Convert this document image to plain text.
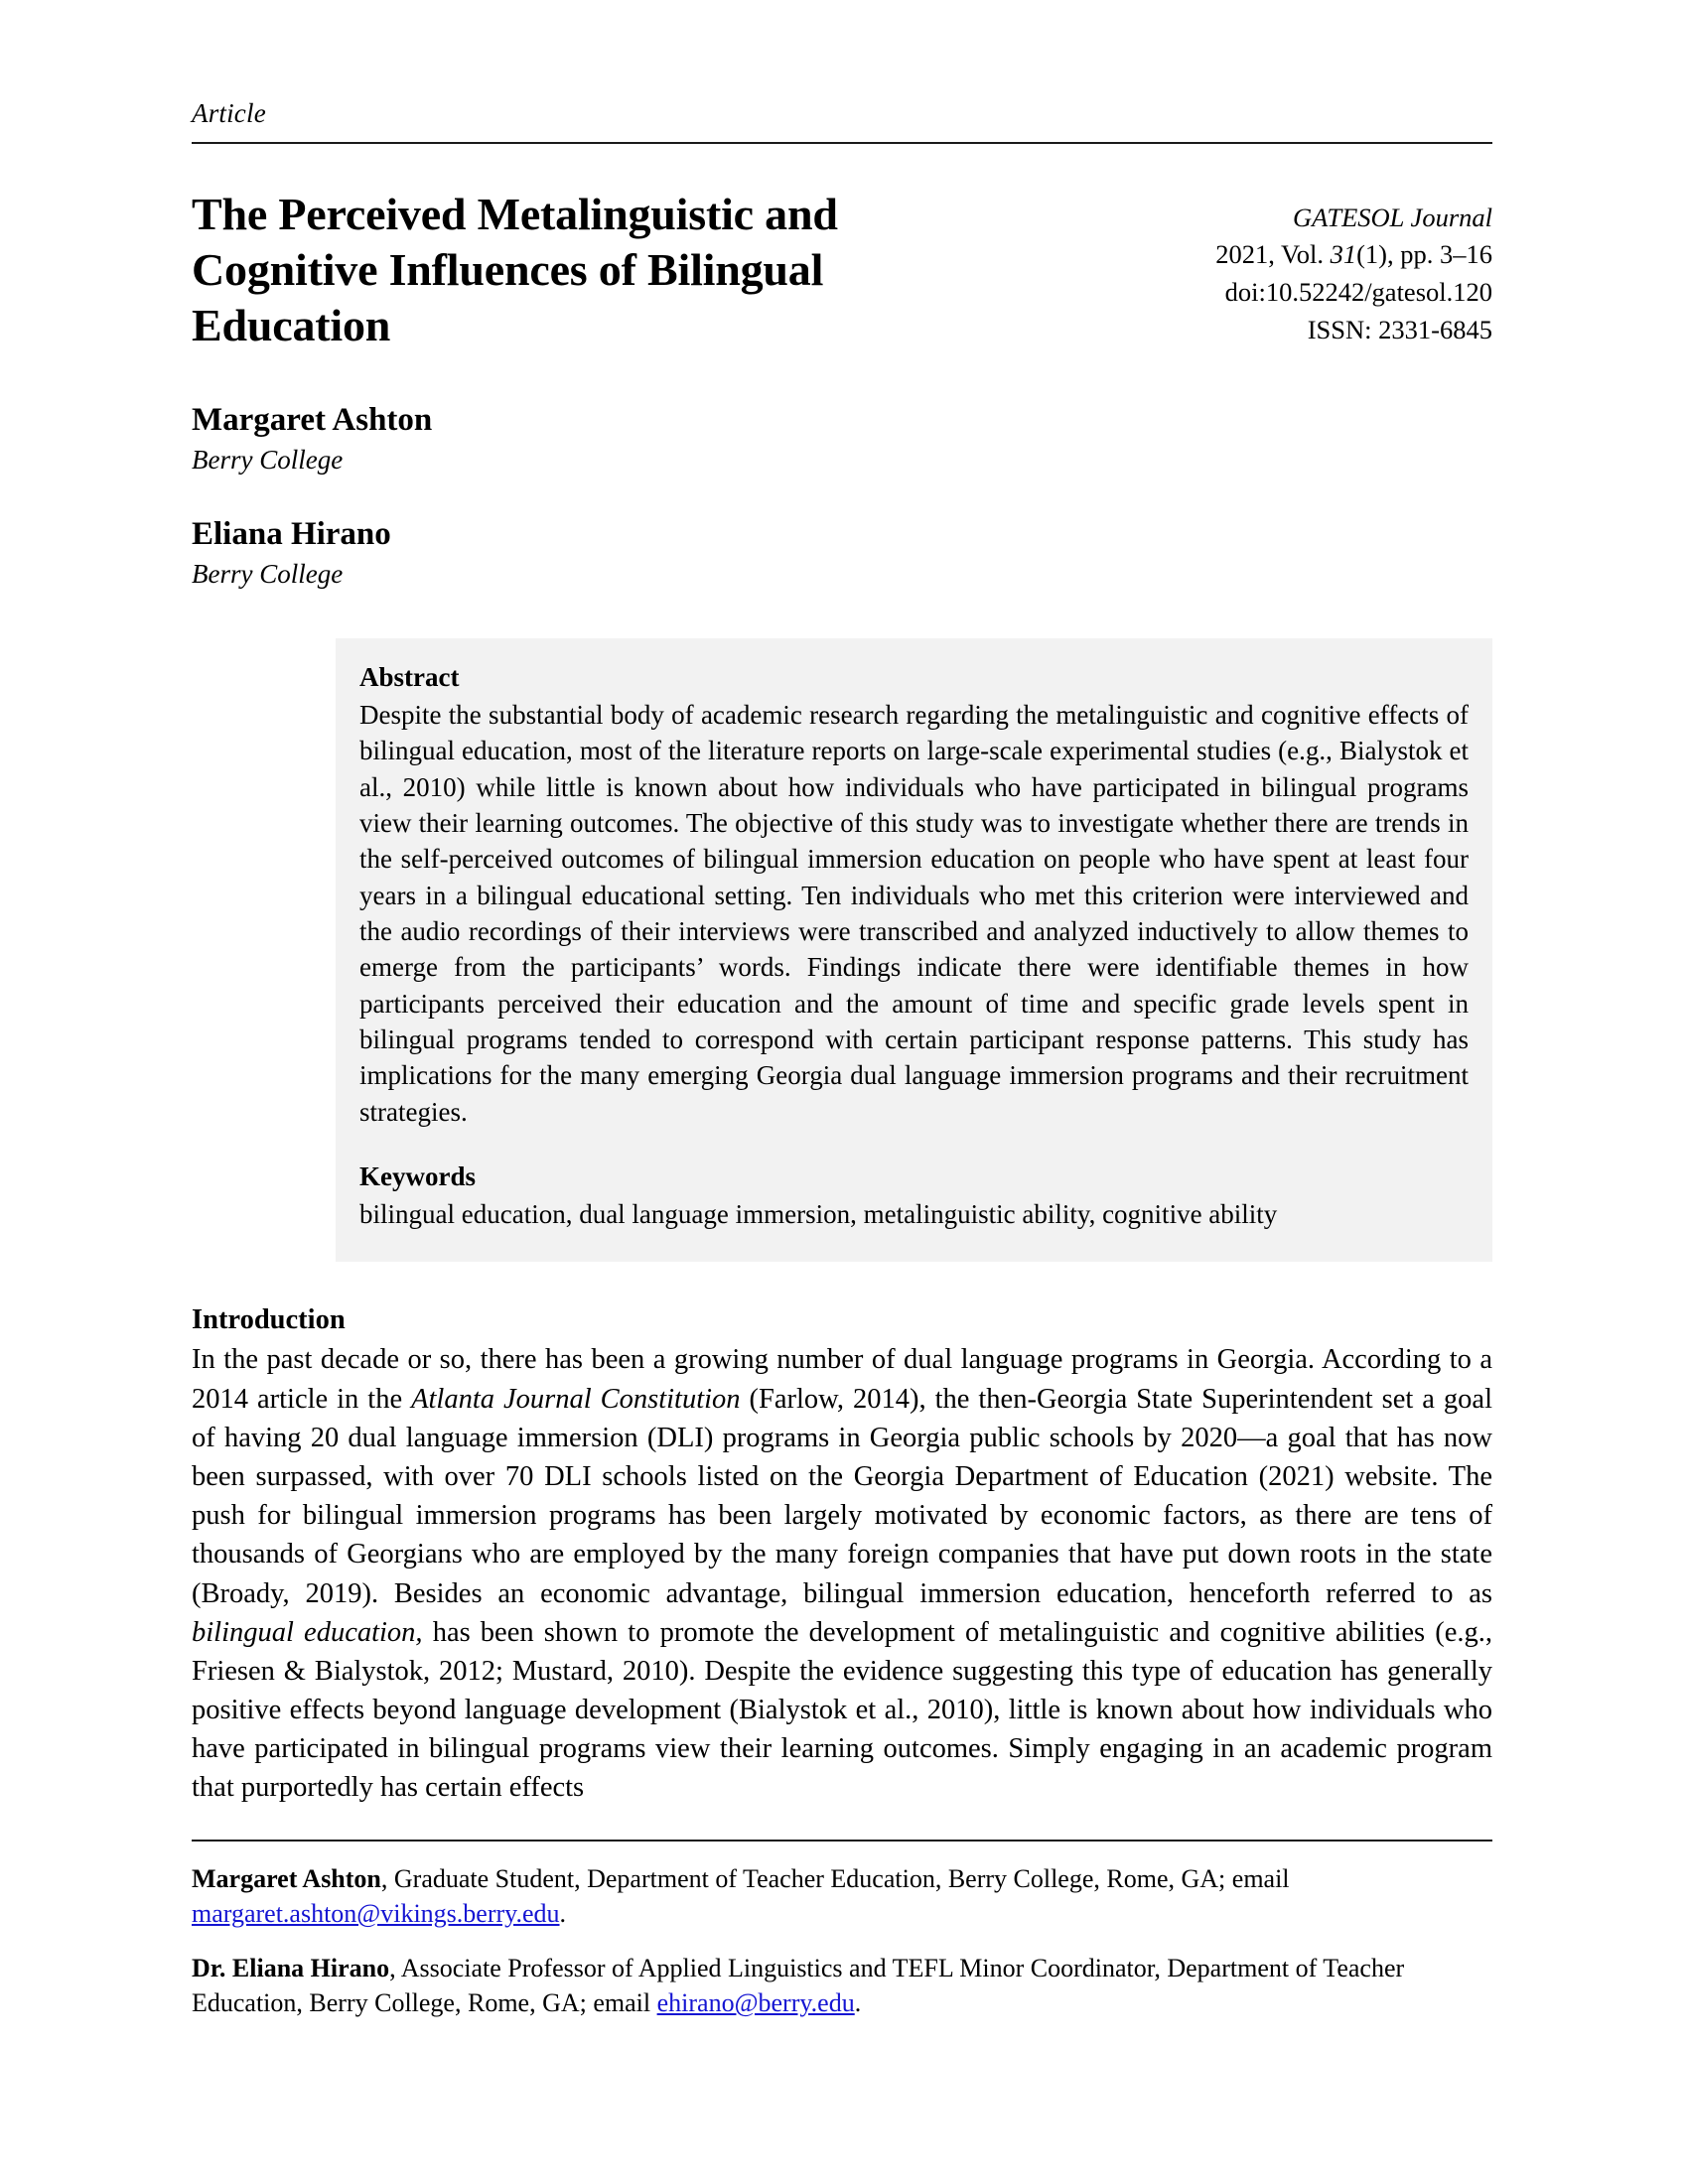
Article
The Perceived Metalinguistic and Cognitive Influences of Bilingual Education
GATESOL Journal
2021, Vol. 31(1), pp. 3–16
doi:10.52242/gatesol.120
ISSN: 2331-6845
Margaret Ashton
Berry College
Eliana Hirano
Berry College
Abstract
Despite the substantial body of academic research regarding the metalinguistic and cognitive effects of bilingual education, most of the literature reports on large-scale experimental studies (e.g., Bialystok et al., 2010) while little is known about how individuals who have participated in bilingual programs view their learning outcomes. The objective of this study was to investigate whether there are trends in the self-perceived outcomes of bilingual immersion education on people who have spent at least four years in a bilingual educational setting. Ten individuals who met this criterion were interviewed and the audio recordings of their interviews were transcribed and analyzed inductively to allow themes to emerge from the participants’ words. Findings indicate there were identifiable themes in how participants perceived their education and the amount of time and specific grade levels spent in bilingual programs tended to correspond with certain participant response patterns. This study has implications for the many emerging Georgia dual language immersion programs and their recruitment strategies.
Keywords
bilingual education, dual language immersion, metalinguistic ability, cognitive ability
Introduction
In the past decade or so, there has been a growing number of dual language programs in Georgia. According to a 2014 article in the Atlanta Journal Constitution (Farlow, 2014), the then-Georgia State Superintendent set a goal of having 20 dual language immersion (DLI) programs in Georgia public schools by 2020—a goal that has now been surpassed, with over 70 DLI schools listed on the Georgia Department of Education (2021) website. The push for bilingual immersion programs has been largely motivated by economic factors, as there are tens of thousands of Georgians who are employed by the many foreign companies that have put down roots in the state (Broady, 2019). Besides an economic advantage, bilingual immersion education, henceforth referred to as bilingual education, has been shown to promote the development of metalinguistic and cognitive abilities (e.g., Friesen & Bialystok, 2012; Mustard, 2010). Despite the evidence suggesting this type of education has generally positive effects beyond language development (Bialystok et al., 2010), little is known about how individuals who have participated in bilingual programs view their learning outcomes. Simply engaging in an academic program that purportedly has certain effects
Margaret Ashton, Graduate Student, Department of Teacher Education, Berry College, Rome, GA; email margaret.ashton@vikings.berry.edu.
Dr. Eliana Hirano, Associate Professor of Applied Linguistics and TEFL Minor Coordinator, Department of Teacher Education, Berry College, Rome, GA; email ehirano@berry.edu.
